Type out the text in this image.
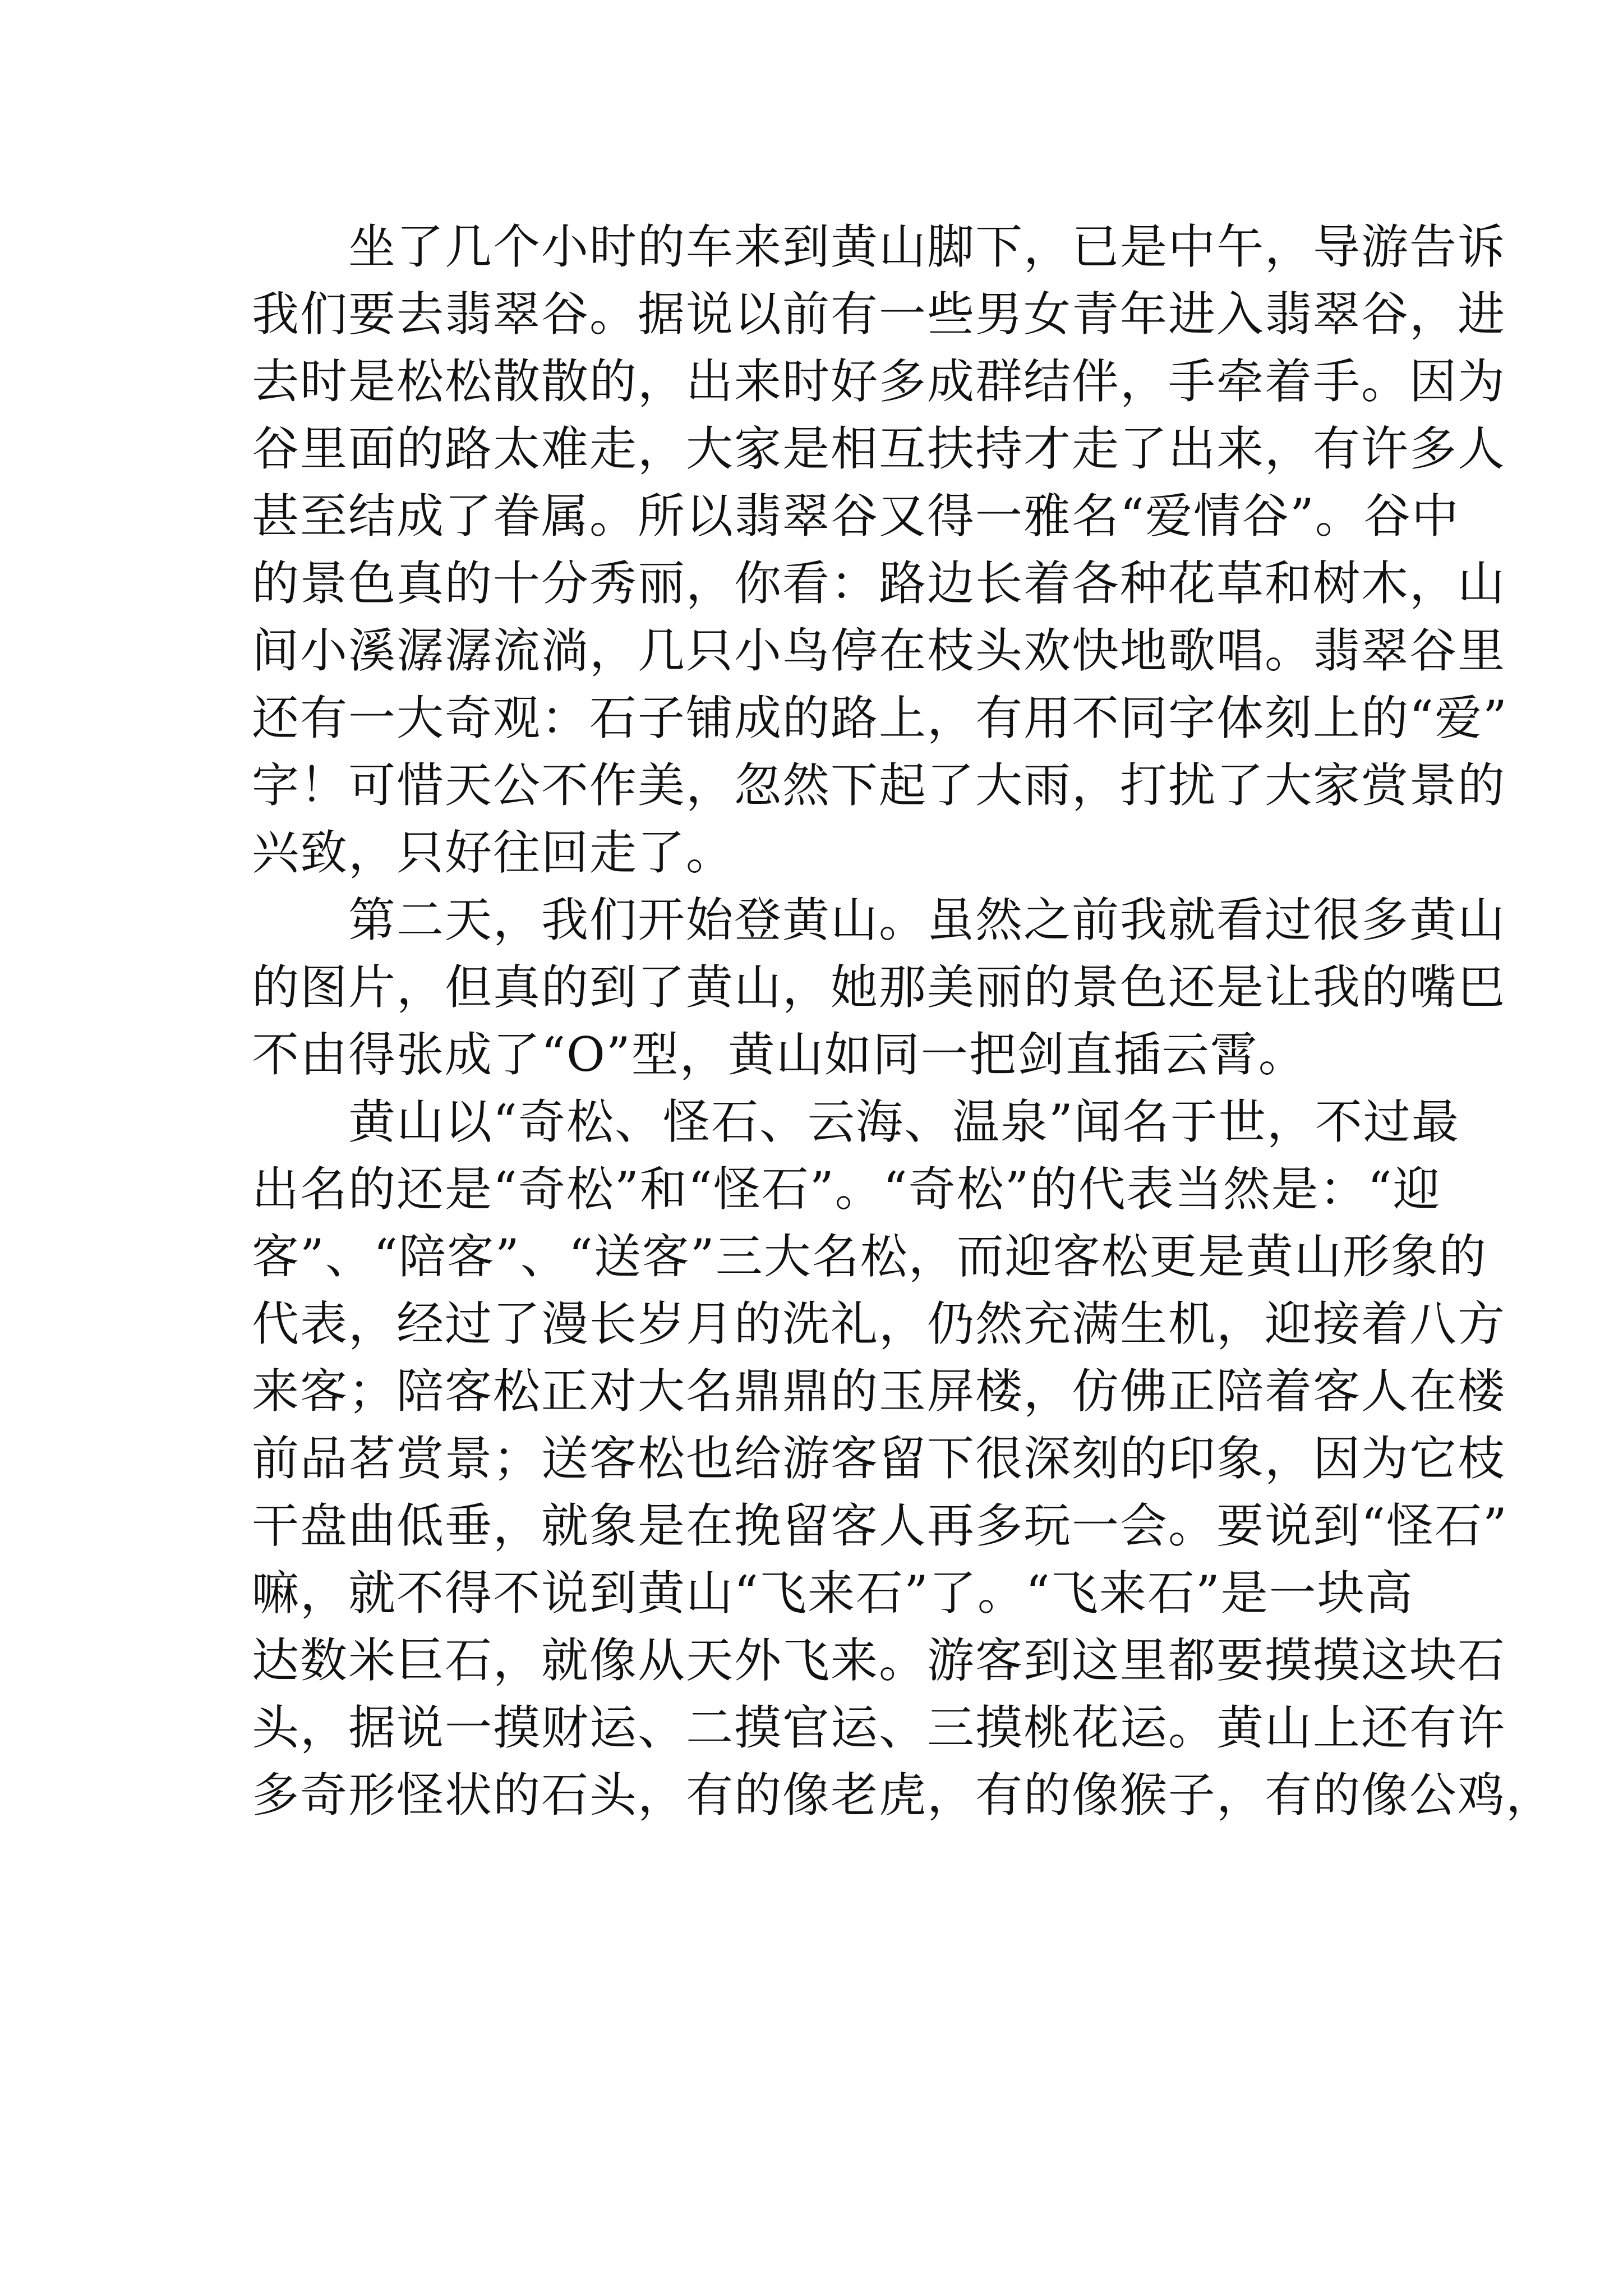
　　坐了几个小时的车来到黄山脚下，已是中午，导游告诉
我们要去翡翠谷。据说以前有一些男女青年进入翡翠谷，进
去时是松松散散的，出来时好多成群结伴，手牵着手。因为
谷里面的路太难走，大家是相互扶持才走了出来，有许多人
甚至结成了眷属。所以翡翠谷又得一雅名“爱情谷”。谷中
的景色真的十分秀丽，你看：路边长着各种花草和树木，山
间小溪潺潺流淌，几只小鸟停在枝头欢快地歌唱。翡翠谷里
还有一大奇观：石子铺成的路上，有用不同字体刻上的“爱”
字！可惜天公不作美，忽然下起了大雨，打扰了大家赏景的
兴致，只好往回走了。
　　第二天，我们开始登黄山。虽然之前我就看过很多黄山
的图片，但真的到了黄山，她那美丽的景色还是让我的嘴巴
不由得张成了“O”型，黄山如同一把剑直插云霄。
　　黄山以“奇松、怪石、云海、温泉”闻名于世，不过最
出名的还是“奇松”和“怪石”。“奇松”的代表当然是：“迎
客”、“陪客”、“送客”三大名松，而迎客松更是黄山形象的
代表，经过了漫长岁月的洗礼，仍然充满生机，迎接着八方
来客；陪客松正对大名鼎鼎的玉屏楼，仿佛正陪着客人在楼
前品茗赏景；送客松也给游客留下很深刻的印象，因为它枝
干盘曲低垂，就象是在挽留客人再多玩一会。要说到“怪石”
嘛，就不得不说到黄山“飞来石”了。“飞来石”是一块高
达数米巨石，就像从天外飞来。游客到这里都要摸摸这块石
头，据说一摸财运、二摸官运、三摸桃花运。黄山上还有许
多奇形怪状的石头，有的像老虎，有的像猴子，有的像公鸡，
